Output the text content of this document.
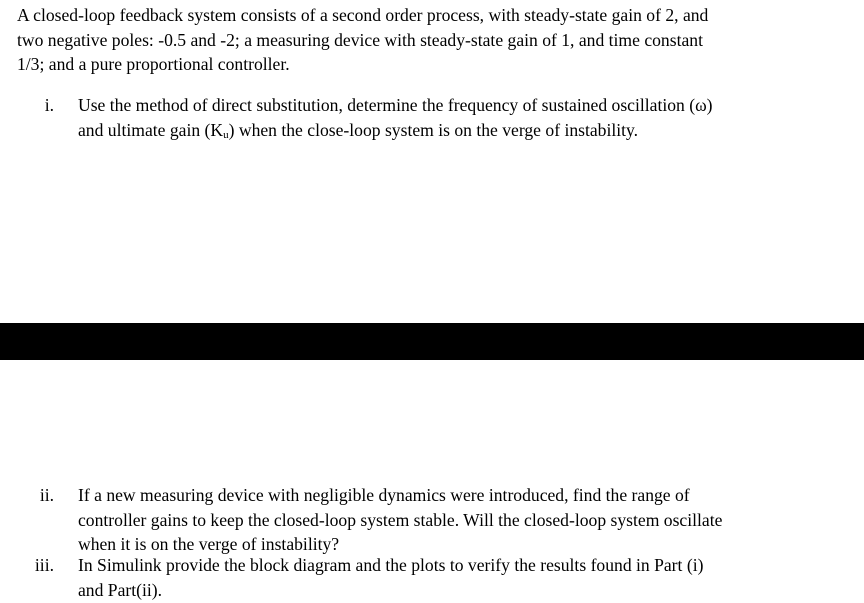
A closed-loop feedback system consists of a second order process, with steady-state gain of 2, and
two negative poles: -0.5 and -2; a measuring device with steady-state gain of 1, and time constant
1/3; and a pure proportional controller.
i. Use the method of direct substitution, determine the frequency of sustained oscillation (ω)
and ultimate gain $(K_u)$ when the close-loop system is on the verge of instability.
ii. If a new measuring device with negligible dynamics were introduced, find the range of
controller gains to keep the closed-loop system stable. Will the closed-loop system oscillate
when it is on the verge of instability?
iii. In Simulink provide the block diagram and the plots to verify the results found in Part (i)
and Part(ii).
